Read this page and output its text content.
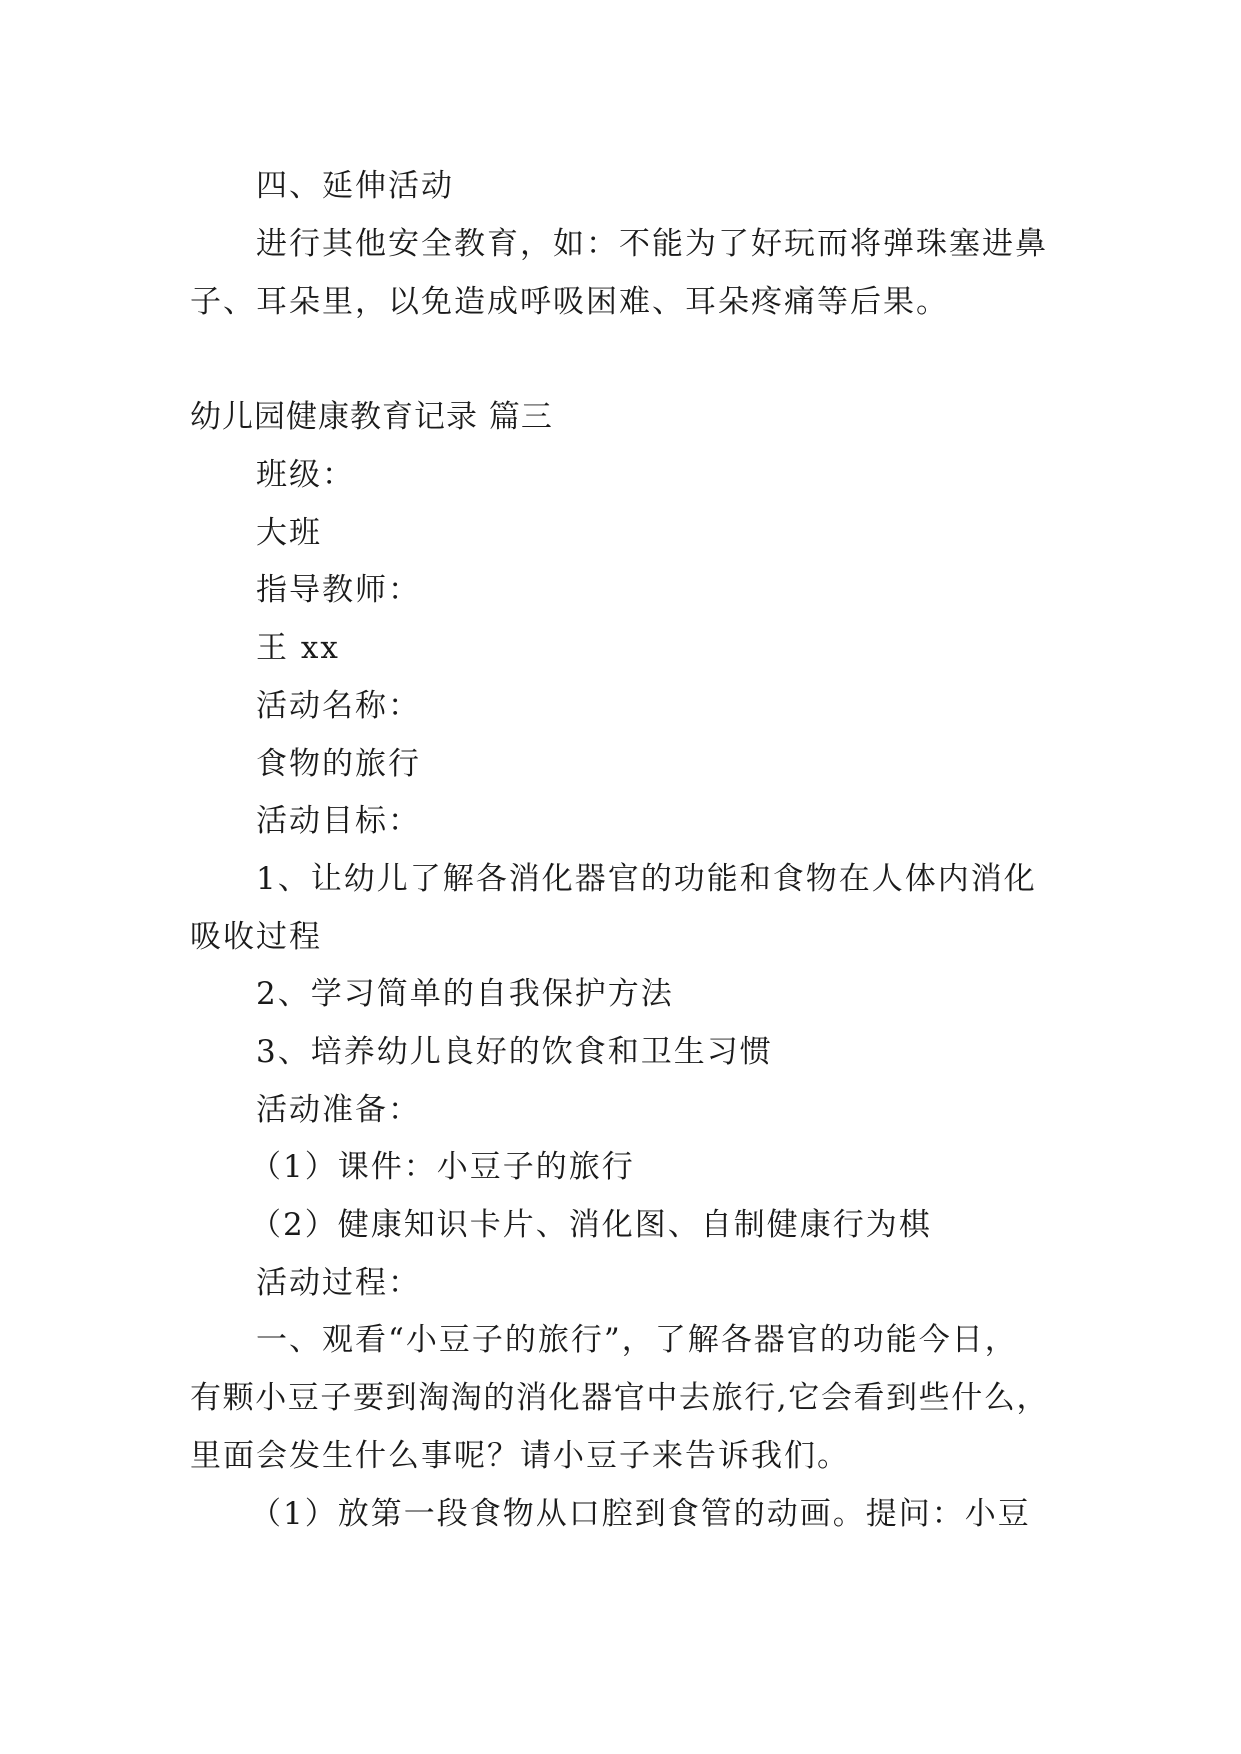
四、延伸活动
进行其他安全教育，如：不能为了好玩而将弹珠塞进鼻
子、耳朵里，以免造成呼吸困难、耳朵疼痛等后果。
幼儿园健康教育记录 篇三
班级：
大班
指导教师：
王 xx
活动名称：
食物的旅行
活动目标：
1、让幼儿了解各消化器官的功能和食物在人体内消化
吸收过程
2、学习简单的自我保护方法
3、培养幼儿良好的饮食和卫生习惯
活动准备：
（1）课件：小豆子的旅行
（2）健康知识卡片、消化图、自制健康行为棋
活动过程：
一、观看“小豆子的旅行”，了解各器官的功能今日，
有颗小豆子要到淘淘的消化器官中去旅行,它会看到些什么，
里面会发生什么事呢？请小豆子来告诉我们。
（1）放第一段食物从口腔到食管的动画。提问：小豆
